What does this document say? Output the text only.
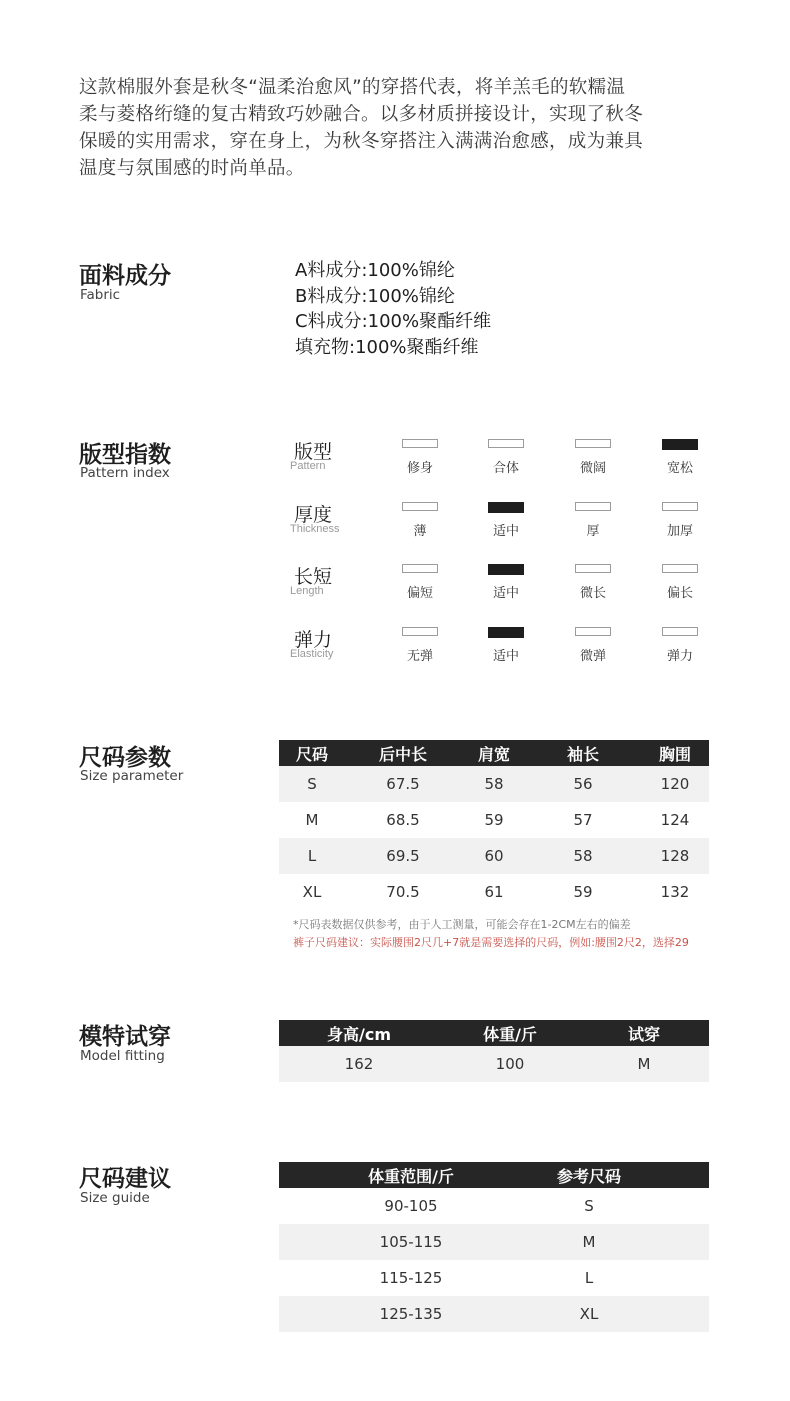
这款棉服外套是秋冬“温柔治愈风”的穿搭代表，将羊羔毛的软糯温
柔与菱格绗缝的复古精致巧妙融合。以多材质拼接设计，实现了秋冬
保暖的实用需求，穿在身上，为秋冬穿搭注入满满治愈感，成为兼具
温度与氛围感的时尚单品。
面料成分
Fabric
A料成分:100%锦纶
B料成分:100%锦纶
C料成分:100%聚酯纤维
填充物:100%聚酯纤维
版型指数
Pattern index
版型
Pattern	修身	合体	微阔	宽松
厚度
Thickness	薄	适中	厚	加厚
长短
Length	偏短	适中	微长	偏长
弹力
Elasticity	无弹	适中	微弹	弹力
尺码参数
Size parameter
尺码	后中长	肩宽	袖长	胸围
S	67.5	58	56	120
M	68.5	59	57	124
L	69.5	60	58	128
XL	70.5	61	59	132
*尺码表数据仅供参考，由于人工测量，可能会存在1-2CM左右的偏差
裤子尺码建议：实际腰围2尺几+7就是需要选择的尺码，例如:腰围2尺2，选择29
模特试穿
Model fitting
身高/cm	体重/斤	试穿
162	100	M
尺码建议
Size guide
体重范围/斤	参考尺码
90-105	S
105-115	M
115-125	L
125-135	XL
